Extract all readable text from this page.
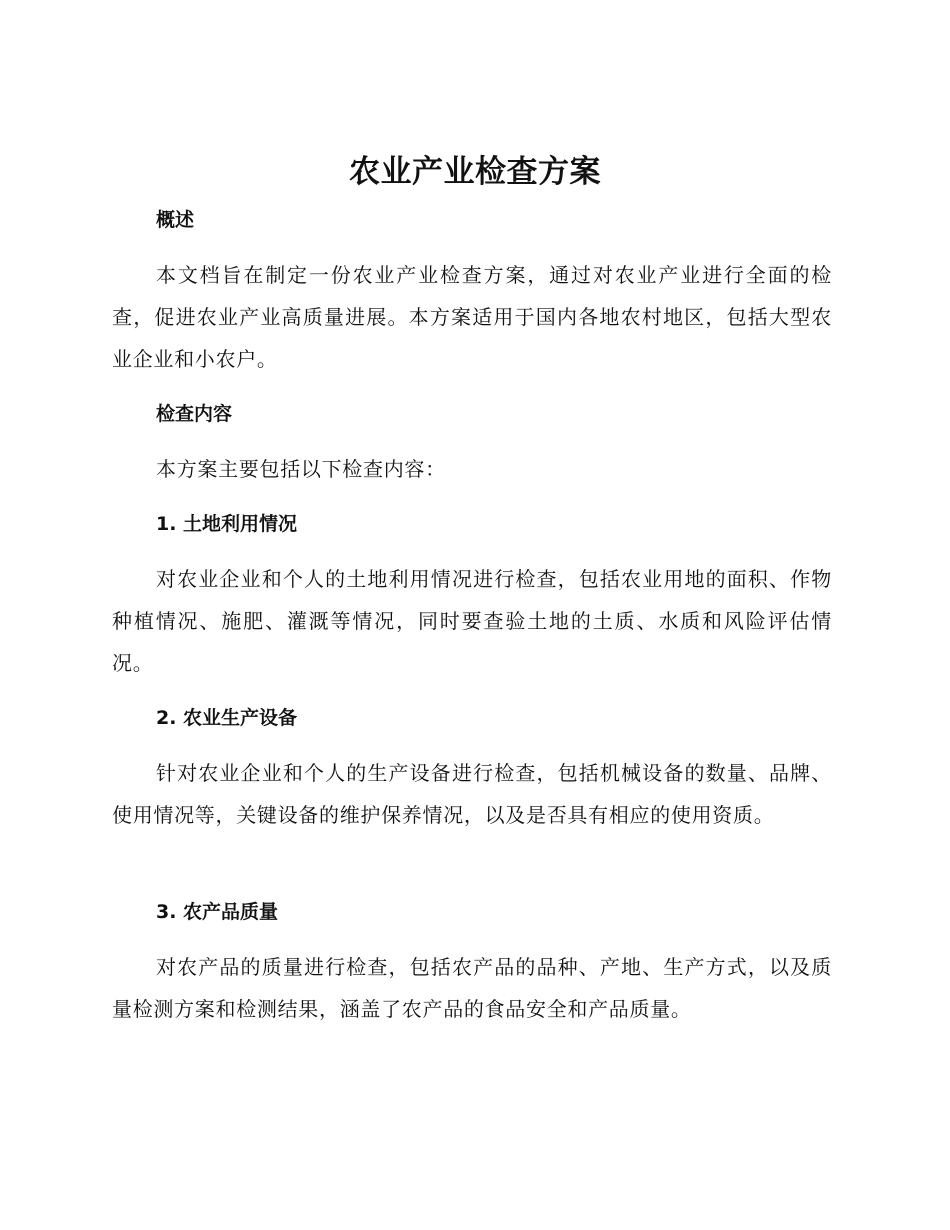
农业产业检查方案
概述

本文档旨在制定一份农业产业检查方案，通过对农业产业进行全面的检查，促进农业产业高质量进展。本方案适用于国内各地农村地区，包括大型农业企业和小农户。

检查内容

本方案主要包括以下检查内容：

1. 土地利用情况

对农业企业和个人的土地利用情况进行检查，包括农业用地的面积、作物种植情况、施肥、灌溉等情况，同时要查验土地的土质、水质和风险评估情况。

2. 农业生产设备

针对农业企业和个人的生产设备进行检查，包括机械设备的数量、品牌、使用情况等，关键设备的维护保养情况，以及是否具有相应的使用资质。

3. 农产品质量

对农产品的质量进行检查，包括农产品的品种、产地、生产方式，以及质量检测方案和检测结果，涵盖了农产品的食品安全和产品质量。
